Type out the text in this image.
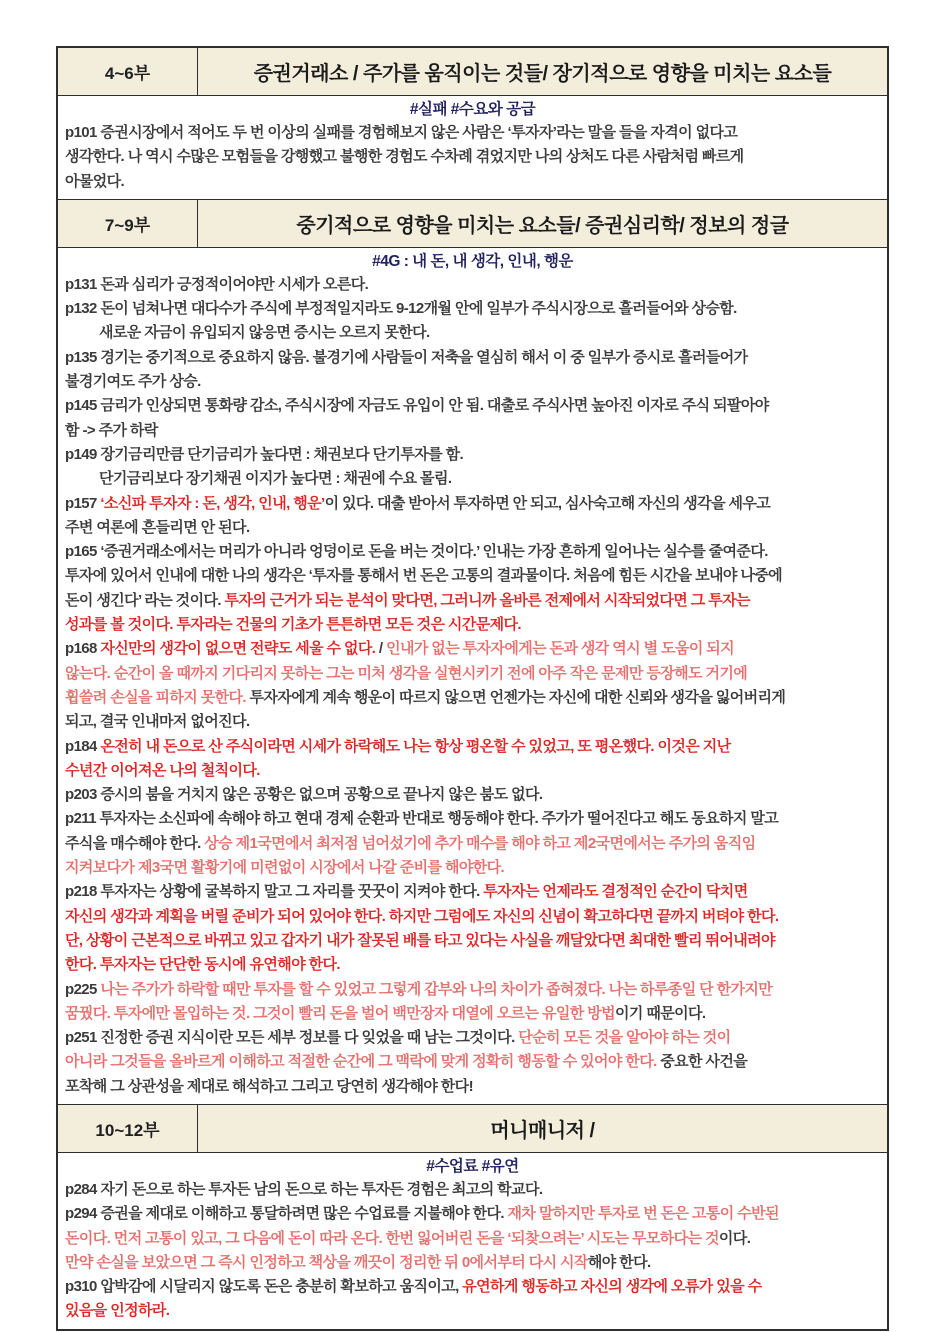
4~6부	증권거래소 / 주가를 움직이는 것들/ 장기적으로 영향을 미치는 요소들
#실패 #수요와 공급
p101 증권시장에서 적어도 두 번 이상의 실패를 경험해보지 않은 사람은 ‘투자자’라는 말을 들을 자격이 없다고
생각한다. 나 역시 수많은 모험들을 강행했고 불행한 경험도 수차례 겪었지만 나의 상처도 다른 사람처럼 빠르게
아물었다.
7~9부	중기적으로 영향을 미치는 요소들/ 증권심리학/ 정보의 정글
#4G : 내 돈, 내 생각, 인내, 행운
p131 돈과 심리가 긍정적이어야만 시세가 오른다.
p132 돈이 넘쳐나면 대다수가 주식에 부정적일지라도 9-12개월 안에 일부가 주식시장으로 흘러들어와 상승함.
새로운 자금이 유입되지 않응면 증시는 오르지 못한다.
p135 경기는 중기적으로 중요하지 않음. 불경기에 사람들이 저축을 열심히 해서 이 중 일부가 증시로 흘러들어가
불경기여도 주가 상승.
p145 금리가 인상되면 통화량 감소, 주식시장에 자금도 유입이 안 됨. 대출로 주식사면 높아진 이자로 주식 되팔아야
함 -> 주가 하락
p149 장기금리만큼 단기금리가 높다면 : 채권보다 단기투자를 함.
단기금리보다 장기채권 이지가 높다면 : 채권에 수요 몰림.
p157 ‘소신파 투자자 : 돈, 생각, 인내, 행운’이 있다. 대출 받아서 투자하면 안 되고, 심사숙고해 자신의 생각을 세우고
주변 여론에 흔들리면 안 된다.
p165 ‘증권거래소에서는 머리가 아니라 엉덩이로 돈을 버는 것이다.’ 인내는 가장 흔하게 일어나는 실수를 줄여준다.
투자에 있어서 인내에 대한 나의 생각은 ‘투자를 통해서 번 돈은 고통의 결과물이다. 처음에 힘든 시간을 보내야 나중에
돈이 생긴다’ 라는 것이다. 투자의 근거가 되는 분석이 맞다면, 그러니까 올바른 전제에서 시작되었다면 그 투자는
성과를 볼 것이다. 투자라는 건물의 기초가 튼튼하면 모든 것은 시간문제다.
p168 자신만의 생각이 없으면 전략도 세울 수 없다. / 인내가 없는 투자자에게는 돈과 생각 역시 별 도움이 되지
않는다. 순간이 올 때까지 기다리지 못하는 그는 미처 생각을 실현시키기 전에 아주 작은 문제만 등장해도 거기에
휩쓸려 손실을 피하지 못한다. 투자자에게 계속 행운이 따르지 않으면 언젠가는 자신에 대한 신뢰와 생각을 잃어버리게
되고, 결국 인내마저 없어진다.
p184 온전히 내 돈으로 산 주식이라면 시세가 하락해도 나는 항상 평온할 수 있었고, 또 평온했다. 이것은 지난
수년간 이어져온 나의 철칙이다.
p203 증시의 붐을 거치지 않은 공황은 없으며 공황으로 끝나지 않은 붐도 없다.
p211 투자자는 소신파에 속해야 하고 현대 경제 순환과 반대로 행동해야 한다. 주가가 떨어진다고 해도 동요하지 말고
주식을 매수해야 한다. 상승 제1국면에서 최저점 넘어섰기에 추가 매수를 해야 하고 제2국면에서는 주가의 움직임
지켜보다가 제3국면 활황기에 미련없이 시장에서 나갈 준비를 해야한다.
p218 투자자는 상황에 굴복하지 말고 그 자리를 꿋꿋이 지켜야 한다. 투자자는 언제라도 결정적인 순간이 닥치면
자신의 생각과 계획을 버릴 준비가 되어 있어야 한다. 하지만 그럼에도 자신의 신념이 확고하다면 끝까지 버텨야 한다.
단, 상황이 근본적으로 바뀌고 있고 갑자기 내가 잘못된 배를 타고 있다는 사실을 깨달았다면 최대한 빨리 뛰어내려야
한다. 투자자는 단단한 동시에 유연해야 한다.
p225 나는 주가가 하락할 때만 투자를 할 수 있었고 그렇게 갑부와 나의 차이가 좁혀졌다. 나는 하루종일 단 한가지만
꿈꿨다. 투자에만 몰입하는 것. 그것이 빨리 돈을 벌어 백만장자 대열에 오르는 유일한 방법이기 때문이다.
p251 진정한 증권 지식이란 모든 세부 정보를 다 잊었을 때 남는 그것이다. 단순히 모든 것을 알아야 하는 것이
아니라 그것들을 올바르게 이해하고 적절한 순간에 그 맥락에 맞게 정확히 행동할 수 있어야 한다. 중요한 사건을
포착해 그 상관성을 제대로 해석하고 그리고 당연히 생각해야 한다!
10~12부	머니매니저 /
#수업료 #유연
p284 자기 돈으로 하는 투자든 남의 돈으로 하는 투자든 경험은 최고의 학교다.
p294 증권을 제대로 이해하고 통달하려면 많은 수업료를 지불해야 한다. 재차 말하지만 투자로 번 돈은 고통이 수반된
돈이다. 먼저 고통이 있고, 그 다음에 돈이 따라 온다. 한번 잃어버린 돈을 ‘되찾으려는’ 시도는 무모하다는 것이다.
만약 손실을 보았으면 그 즉시 인정하고 책상을 깨끗이 정리한 뒤 0에서부터 다시 시작해야 한다.
p310 압박감에 시달리지 않도록 돈은 충분히 확보하고 움직이고, 유연하게 행동하고 자신의 생각에 오류가 있을 수
있음을 인정하라.
